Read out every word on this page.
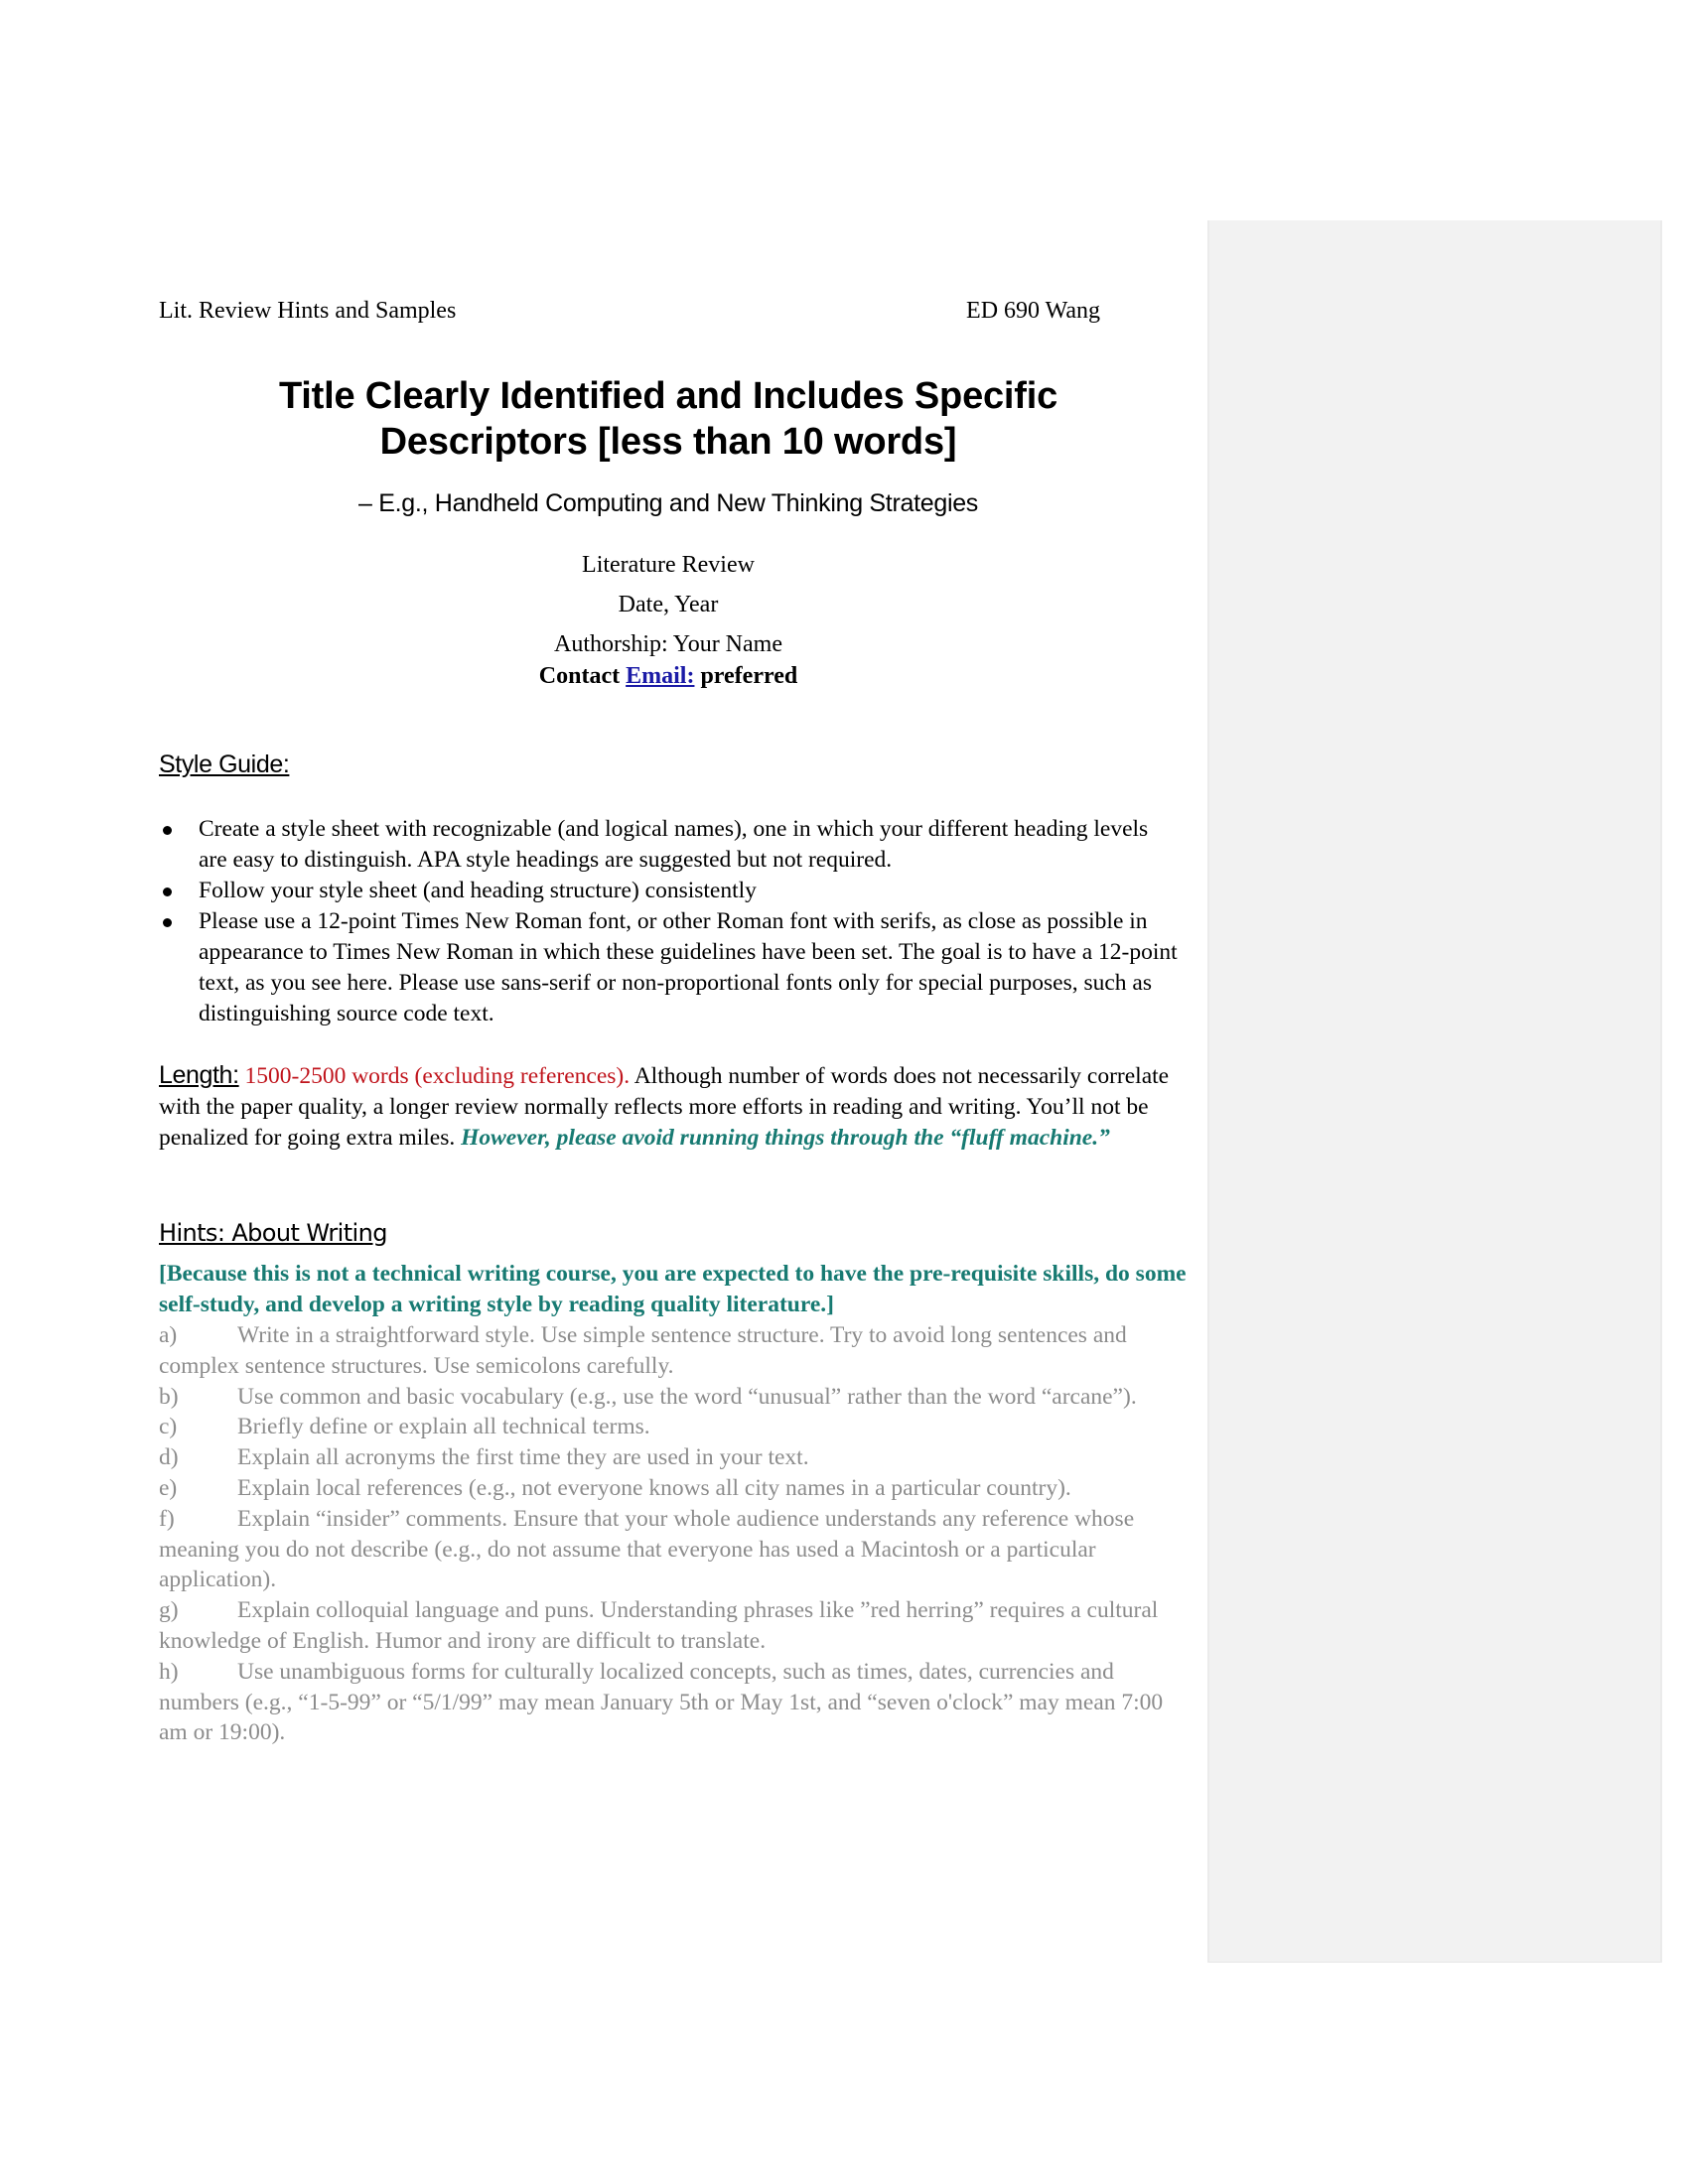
Lit. Review Hints and Samples	ED 690 Wang
Title Clearly Identified and Includes Specific
Descriptors [less than 10 words]
– E.g., Handheld Computing and New Thinking Strategies
Literature Review
Date, Year
Authorship: Your Name
Contact Email: preferred
Style Guide:
Create a style sheet with recognizable (and logical names), one in which your different heading levels are easy to distinguish. APA style headings are suggested but not required.
Follow your style sheet (and heading structure) consistently
Please use a 12-point Times New Roman font, or other Roman font with serifs, as close as possible in appearance to Times New Roman in which these guidelines have been set. The goal is to have a 12-point text, as you see here. Please use sans-serif or non-proportional fonts only for special purposes, such as distinguishing source code text.
Length: 1500-2500 words (excluding references). Although number of words does not necessarily correlate with the paper quality, a longer review normally reflects more efforts in reading and writing. You’ll not be penalized for going extra miles. However, please avoid running things through the “fluff machine.”
Hints: About Writing
[Because this is not a technical writing course, you are expected to have the pre-requisite skills, do some self-study, and develop a writing style by reading quality literature.]
a)	Write in a straightforward style. Use simple sentence structure. Try to avoid long sentences and complex sentence structures. Use semicolons carefully.
b)	Use common and basic vocabulary (e.g., use the word “unusual” rather than the word “arcane”).
c)	Briefly define or explain all technical terms.
d)	Explain all acronyms the first time they are used in your text.
e)	Explain local references (e.g., not everyone knows all city names in a particular country).
f)	Explain “insider” comments. Ensure that your whole audience understands any reference whose meaning you do not describe (e.g., do not assume that everyone has used a Macintosh or a particular application).
g)	Explain colloquial language and puns. Understanding phrases like ”red herring” requires a cultural knowledge of English. Humor and irony are difficult to translate.
h)	Use unambiguous forms for culturally localized concepts, such as times, dates, currencies and numbers (e.g., “1-5-99” or “5/1/99” may mean January 5th or May 1st, and “seven o'clock” may mean 7:00 am or 19:00).
